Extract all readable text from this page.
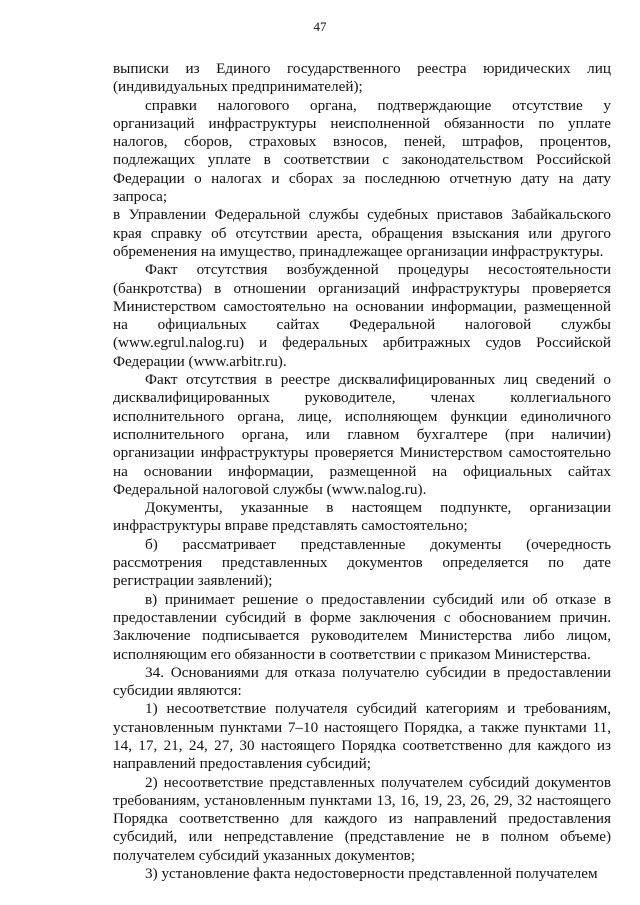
47

выписки из Единого государственного реестра юридических лиц (индивидуальных предпринимателей);

справки налогового органа, подтверждающие отсутствие у организаций инфраструктуры неисполненной обязанности по уплате налогов, сборов, страховых взносов, пеней, штрафов, процентов, подлежащих уплате в соответствии с законодательством Российской Федерации о налогах и сборах за последнюю отчетную дату на дату запроса;

в Управлении Федеральной службы судебных приставов Забайкальского края справку об отсутствии ареста, обращения взыскания или другого обременения на имущество, принадлежащее организации инфраструктуры.

Факт отсутствия возбужденной процедуры несостоятельности (банкротства) в отношении организаций инфраструктуры проверяется Министерством самостоятельно на основании информации, размещенной на официальных сайтах Федеральной налоговой службы (www.egrul.nalog.ru) и федеральных арбитражных судов Российской Федерации (www.arbitr.ru).

Факт отсутствия в реестре дисквалифицированных лиц сведений о дисквалифицированных руководителе, членах коллегиального исполнительного органа, лице, исполняющем функции единоличного исполнительного органа, или главном бухгалтере (при наличии) организации инфраструктуры проверяется Министерством самостоятельно на основании информации, размещенной на официальных сайтах Федеральной налоговой службы (www.nalog.ru).

Документы, указанные в настоящем подпункте, организации инфраструктуры вправе представлять самостоятельно;

б) рассматривает представленные документы (очередность рассмотрения представленных документов определяется по дате регистрации заявлений);

в) принимает решение о предоставлении субсидий или об отказе в предоставлении субсидий в форме заключения с обоснованием причин. Заключение подписывается руководителем Министерства либо лицом, исполняющим его обязанности в соответствии с приказом Министерства.

34. Основаниями для отказа получателю субсидии в предоставлении субсидии являются:

1) несоответствие получателя субсидий категориям и требованиям, установленным пунктами 7–10 настоящего Порядка, а также пунктами 11, 14, 17, 21, 24, 27, 30 настоящего Порядка соответственно для каждого из направлений предоставления субсидий;

2) несоответствие представленных получателем субсидий документов требованиям, установленным пунктами 13, 16, 19, 23, 26, 29, 32 настоящего Порядка соответственно для каждого из направлений предоставления субсидий, или непредставление (представление не в полном объеме) получателем субсидий указанных документов;

3) установление факта недостоверности представленной получателем
